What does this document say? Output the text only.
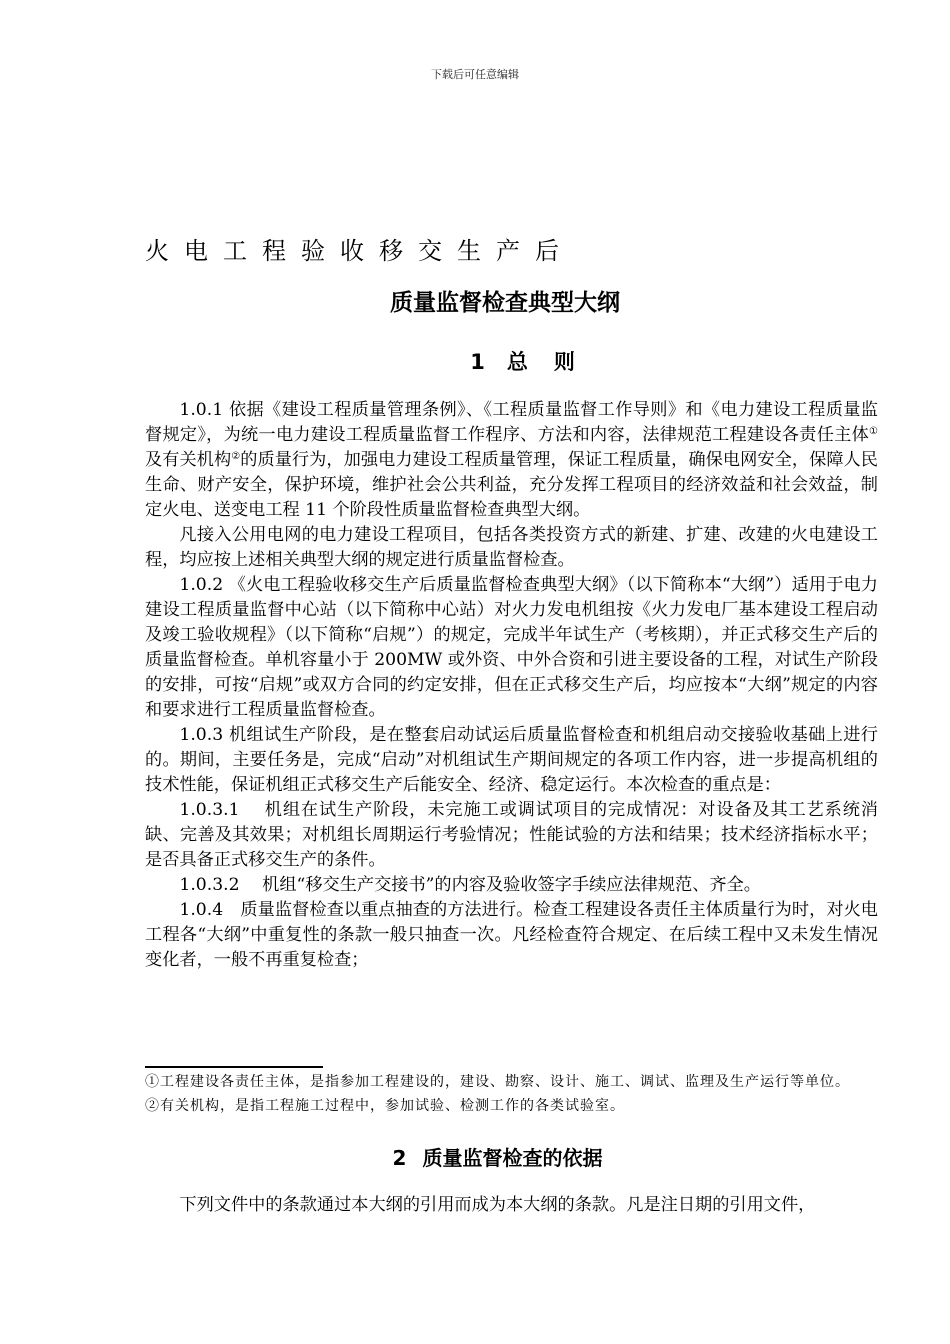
下载后可任意编辑
火电工程验收移交生产后
质量监督检查典型大纲
1 总 则

1.0.1 依据《建设工程质量管理条例》、《工程质量监督工作导则》和《电力建设工程质量监督规定》，为统一电力建设工程质量监督工作程序、方法和内容，法律规范工程建设各责任主体①及有关机构②的质量行为，加强电力建设工程质量管理，保证工程质量，确保电网安全，保障人民生命、财产安全，保护环境，维护社会公共利益，充分发挥工程项目的经济效益和社会效益，制定火电、送变电工程 11 个阶段性质量监督检查典型大纲。

凡接入公用电网的电力建设工程项目，包括各类投资方式的新建、扩建、改建的火电建设工程，均应按上述相关典型大纲的规定进行质量监督检查。

1.0.2 《火电工程验收移交生产后质量监督检查典型大纲》（以下简称本“大纲”）适用于电力建设工程质量监督中心站（以下简称中心站）对火力发电机组按《火力发电厂基本建设工程启动及竣工验收规程》（以下简称“启规”）的规定，完成半年试生产（考核期），并正式移交生产后的质量监督检查。单机容量小于 200MW 或外资、中外合资和引进主要设备的工程，对试生产阶段的安排，可按“启规”或双方合同的约定安排，但在正式移交生产后，均应按本“大纲”规定的内容和要求进行工程质量监督检查。

1.0.3 机组试生产阶段，是在整套启动试运后质量监督检查和机组启动交接验收基础上进行的。期间，主要任务是，完成“启动”对机组试生产期间规定的各项工作内容，进一步提高机组的技术性能，保证机组正式移交生产后能安全、经济、稳定运行。本次检查的重点是：

1.0.3.1　 机组在试生产阶段，未完施工或调试项目的完成情况：对设备及其工艺系统消缺、完善及其效果；对机组长周期运行考验情况；性能试验的方法和结果；技术经济指标水平；是否具备正式移交生产的条件。

1.0.3.2　 机组“移交生产交接书”的内容及验收签字手续应法律规范、齐全。

1.0.4　质量监督检查以重点抽查的方法进行。检查工程建设各责任主体质量行为时，对火电工程各“大纲”中重复性的条款一般只抽查一次。凡经检查符合规定、在后续工程中又未发生情况变化者，一般不再重复检查；

①工程建设各责任主体，是指参加工程建设的，建设、勘察、设计、施工、调试、监理及生产运行等单位。

②有关机构，是指工程施工过程中，参加试验、检测工作的各类试验室。

2 质量监督检查的依据

下列文件中的条款通过本大纲的引用而成为本大纲的条款。凡是注日期的引用文件，
